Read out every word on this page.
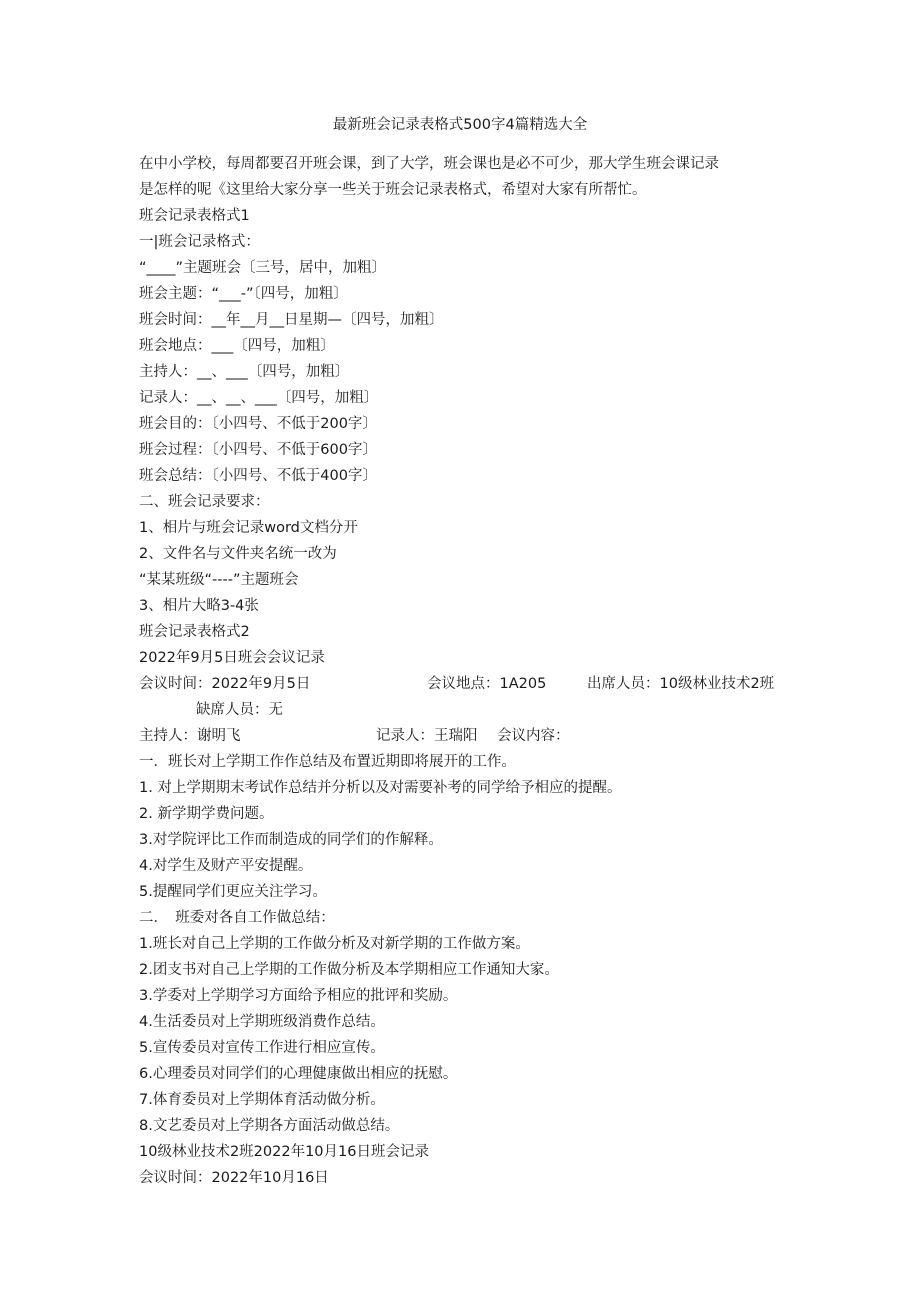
最新班会记录表格式500字4篇精选大全
在中小学校，每周都要召开班会课，到了大学，班会课也是必不可少，那大学生班会课记录
是怎样的呢《这里给大家分享一些关于班会记录表格式，希望对大家有所帮忙。
班会记录表格式1
一|班会记录格式：
“____”主题班会〔三号，居中，加粗〕
班会主题：“___-”〔四号，加粗〕
班会时间：__年__月__日星期—〔四号，加粗〕
班会地点：___〔四号，加粗〕
主持人：__、___〔四号，加粗〕
记录人：__、__、___〔四号，加粗〕
班会目的：〔小四号、不低于200字〕
班会过程：〔小四号、不低于600字〕
班会总结：〔小四号、不低于400字〕
二、班会记录要求：
1、相片与班会记录word文档分开
2、文件名与文件夹名统一改为
“某某班级“----”主题班会
3、相片大略3-4张
班会记录表格式2
2022年9月5日班会会议记录
会议时间：2022年9月5日	会议地点：1A205	出席人员：10级林业技术2班
缺席人员：无
主持人：谢明飞	记录人：王瑞阳 会议内容：
一．班长对上学期工作作总结及布置近期即将展开的工作。
1. 对上学期期末考试作总结并分析以及对需要补考的同学给予相应的提醒。
2. 新学期学费问题。
3.对学院评比工作而制造成的同学们的作解释。
4.对学生及财产平安提醒。
5.提醒同学们更应关注学习。
二．　班委对各自工作做总结：
1.班长对自己上学期的工作做分析及对新学期的工作做方案。
2.团支书对自己上学期的工作做分析及本学期相应工作通知大家。
3.学委对上学期学习方面给予相应的批评和奖励。
4.生活委员对上学期班级消费作总结。
5.宣传委员对宣传工作进行相应宣传。
6.心理委员对同学们的心理健康做出相应的抚慰。
7.体育委员对上学期体育活动做分析。
8.文艺委员对上学期各方面活动做总结。
10级林业技术2班2022年10月16日班会记录
会议时间：2022年10月16日
